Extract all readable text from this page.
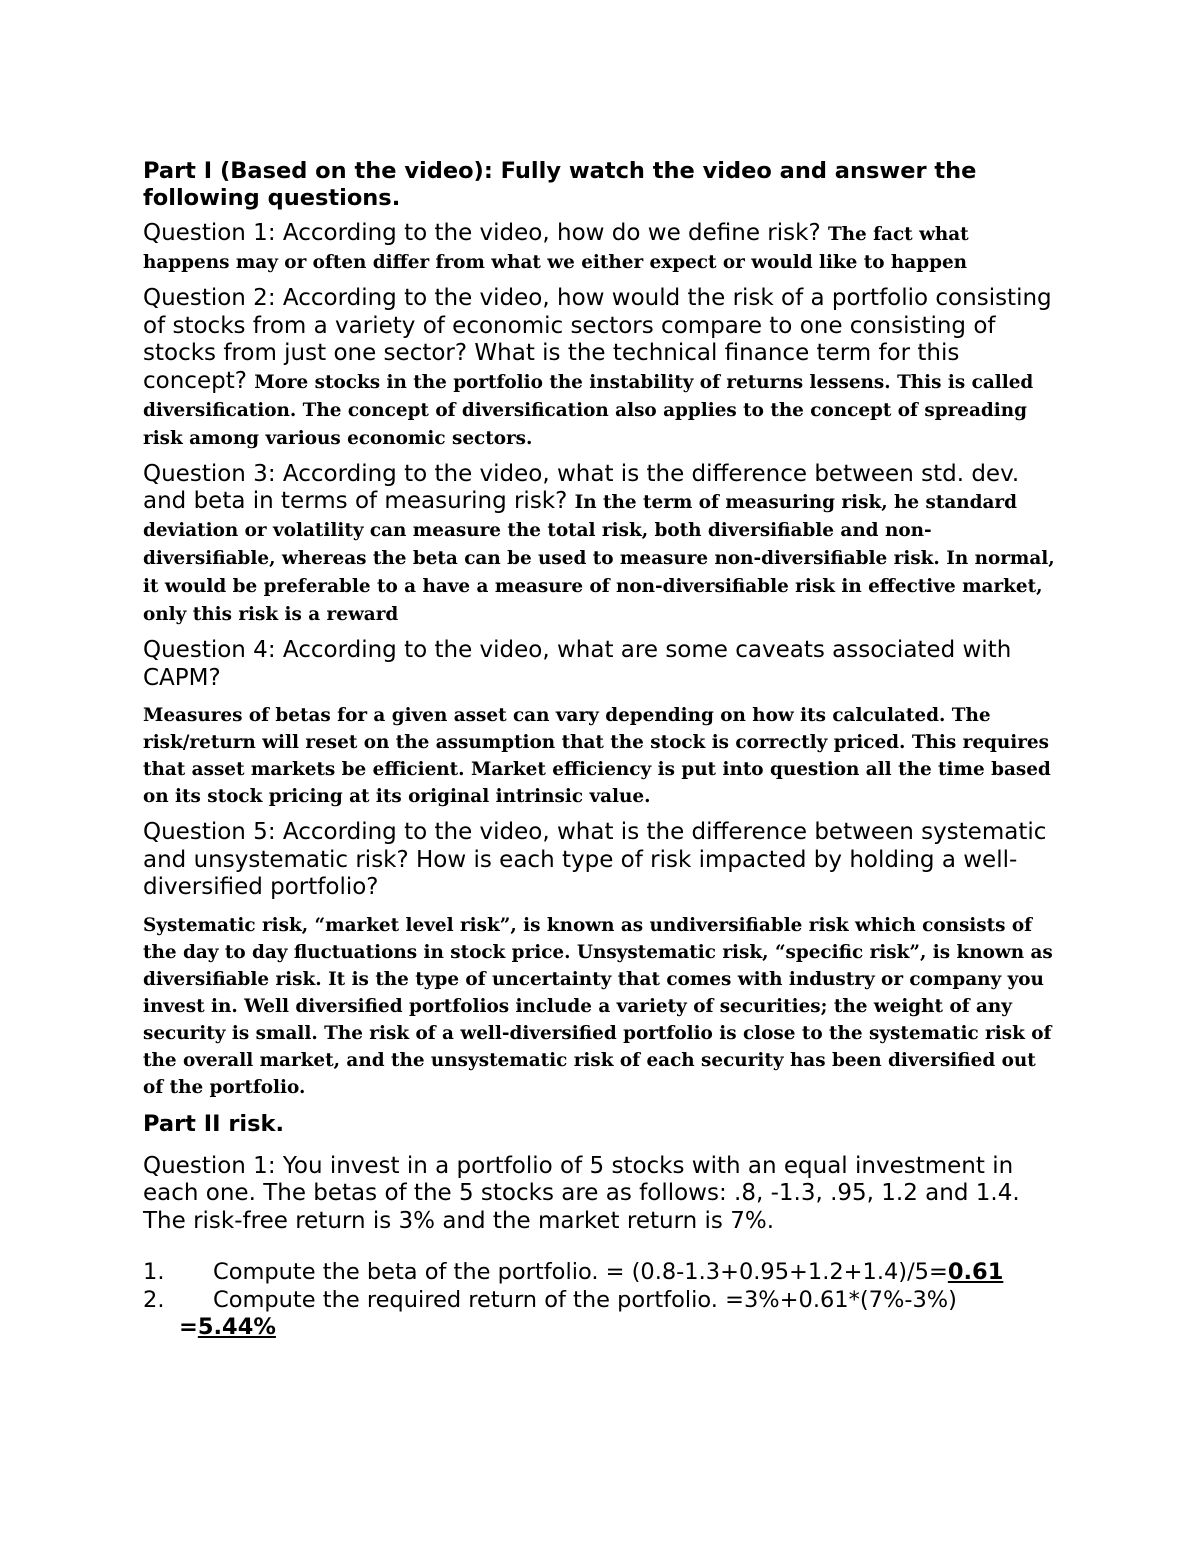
Part I (Based on the video): Fully watch the video and answer the following questions.
Question 1: According to the video, how do we define risk? The fact what happens may or often differ from what we either expect or would like to happen
Question 2: According to the video, how would the risk of a portfolio consisting of stocks from a variety of economic sectors compare to one consisting of stocks from just one sector? What is the technical finance term for this concept? More stocks in the portfolio the instability of returns lessens. This is called diversification. The concept of diversification also applies to the concept of spreading risk among various economic sectors.
Question 3: According to the video, what is the difference between std. dev. and beta in terms of measuring risk? In the term of measuring risk, he standard deviation or volatility can measure the total risk, both diversifiable and non- diversifiable, whereas the beta can be used to measure non-diversifiable risk. In normal, it would be preferable to a have a measure of non-diversifiable risk in effective market, only this risk is a reward
Question 4: According to the video, what are some caveats associated with CAPM?
Measures of betas for a given asset can vary depending on how its calculated. The risk/return will reset on the assumption that the stock is correctly priced. This requires that asset markets be efficient. Market efficiency is put into question all the time based on its stock pricing at its original intrinsic value.
Question 5: According to the video, what is the difference between systematic and unsystematic risk? How is each type of risk impacted by holding a well-diversified portfolio?
Systematic risk, “market level risk”, is known as undiversifiable risk which consists of the day to day fluctuations in stock price. Unsystematic risk, “specific risk”, is known as diversifiable risk. It is the type of uncertainty that comes with industry or company you invest in. Well diversified portfolios include a variety of securities; the weight of any security is small. The risk of a well-diversified portfolio is close to the systematic risk of the overall market, and the unsystematic risk of each security has been diversified out of the portfolio.
Part II risk.
Question 1: You invest in a portfolio of 5 stocks with an equal investment in each one. The betas of the 5 stocks are as follows: .8, -1.3, .95, 1.2 and 1.4. The risk-free return is 3% and the market return is 7%.
1.	Compute the beta of the portfolio. = (0.8-1.3+0.95+1.2+1.4)/5=0.61
2.	Compute the required return of the portfolio. =3%+0.61*(7%-3%)
=5.44%
